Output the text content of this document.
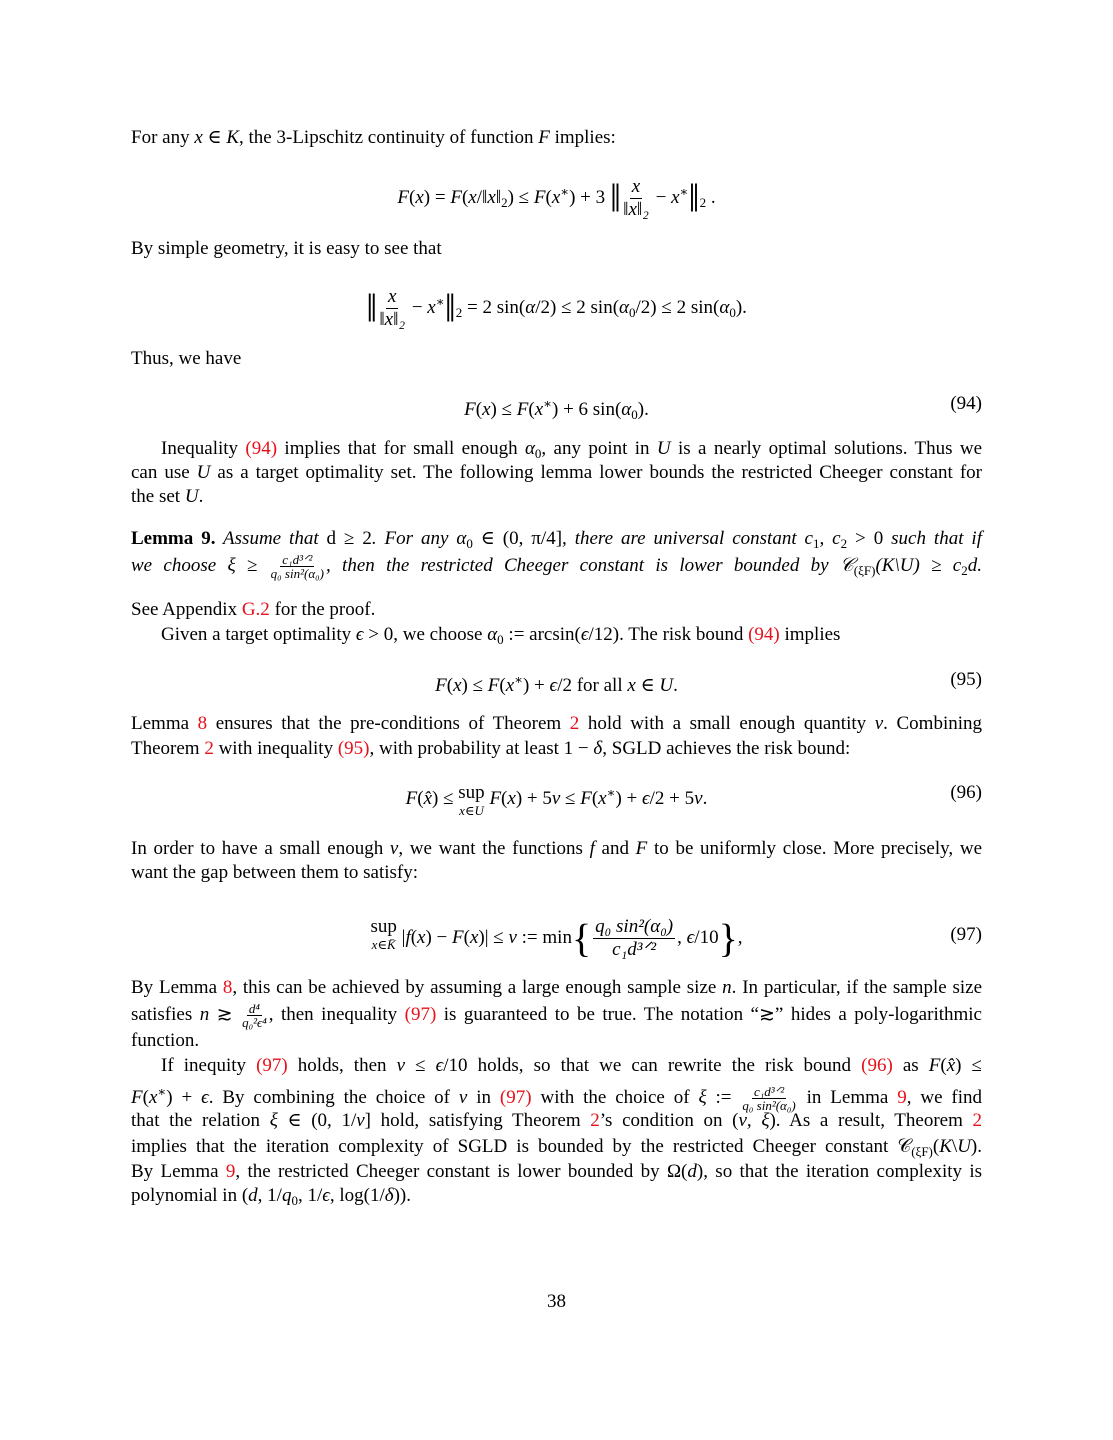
For any x ∈ K, the 3-Lipschitz continuity of function F implies:
$F(x) = F(x/‖x‖_2) \le F(x^∗) + 3$ ‖ $\frac{x}{\text{‖x‖₂}}$ − $x^∗‖_2$ .
By simple geometry, it is easy to see that
‖ $\frac{x}{\text{‖x‖₂}}$ − $x^∗‖_2 = 2$ sin(α/2) ≤ 2 $\sin(\alpha_0/2) \le 2$ $\sin(\alpha_0)$.
Thus, we have
F(x) ≤ F(x∗) + 6 $\sin(\alpha_0)$.	(94)
Inequality (94) implies that for small enough $\alpha_0$, any point in U is a nearly optimal solutions. Thus we
can use U as a target optimality set. The following lemma lower bounds the restricted Cheeger constant for
the set U.
Lemma 9. Assume that d ≥ 2. For any $\alpha_0$ ∈ (0, π/4], there are universal constant $c_1$, $c_2 > 0$ such that if
we choose ξ ≥ c₁d³ᐟ²
q₀ sin²(α₀) , then the restricted Cheeger constant is lower bounded by 𝒞$_{(\xi F)}$(K\U) ≥ $c_2d$.
See Appendix G.2 for the proof.
Given a target optimality ϵ > 0, we choose $\alpha_0$ := arcsin(ϵ/12). The risk bound (94) implies
F(x) ≤ F(x∗) + ϵ/2 for all x ∈ U.	(95)
Lemma 8 ensures that the pre-conditions of Theorem 2 hold with a small enough quantity ν. Combining
Theorem 2 with inequality (95), with probability at least 1 − δ, SGLD achieves the risk bound:
F(x̂) ≤ sup
x∈U
F(x) + 5ν ≤ F(x∗) + ϵ/2 + 5ν.	(96)
In order to have a small enough ν, we want the functions f and F to be uniformly close. More precisely, we
want the gap between them to satisfy:
sup
x∈K̄ |f(x) − F(x)| ≤ ν := min{ q₀ sin²(α₀)
c₁d³ᐟ²
, ϵ/10},	(97)
By Lemma 8, this can be achieved by assuming a large enough sample size n. In particular, if the sample size
satisfies n ≳ $\frac{\text{d⁴}}{\text{q₀²ϵ⁴}}$ , then inequality (97) is guaranteed to be true. The notation “≳” hides a poly-logarithmic
function.
If inequity (97) holds, then ν ≤ ϵ/10 holds, so that we can rewrite the risk bound (96) as F(x̂) ≤
F(x∗) + ϵ. By combining the choice of ν in (97) with the choice of ξ := c₁d³ᐟ²
q₀ sin²(α₀) in Lemma 9, we find
that the relation ξ ∈ (0, 1/ν] hold, satisfying Theorem 2’s condition on (ν, ξ). As a result, Theorem 2
implies that the iteration complexity of SGLD is bounded by the restricted Cheeger constant 𝒞$_{(\xi F)}$(K\U).
By Lemma 9, the restricted Cheeger constant is lower bounded by Ω(d), so that the iteration complexity is
polynomial in (d, $1/q_0$, 1/ϵ, log(1/δ)).
38
